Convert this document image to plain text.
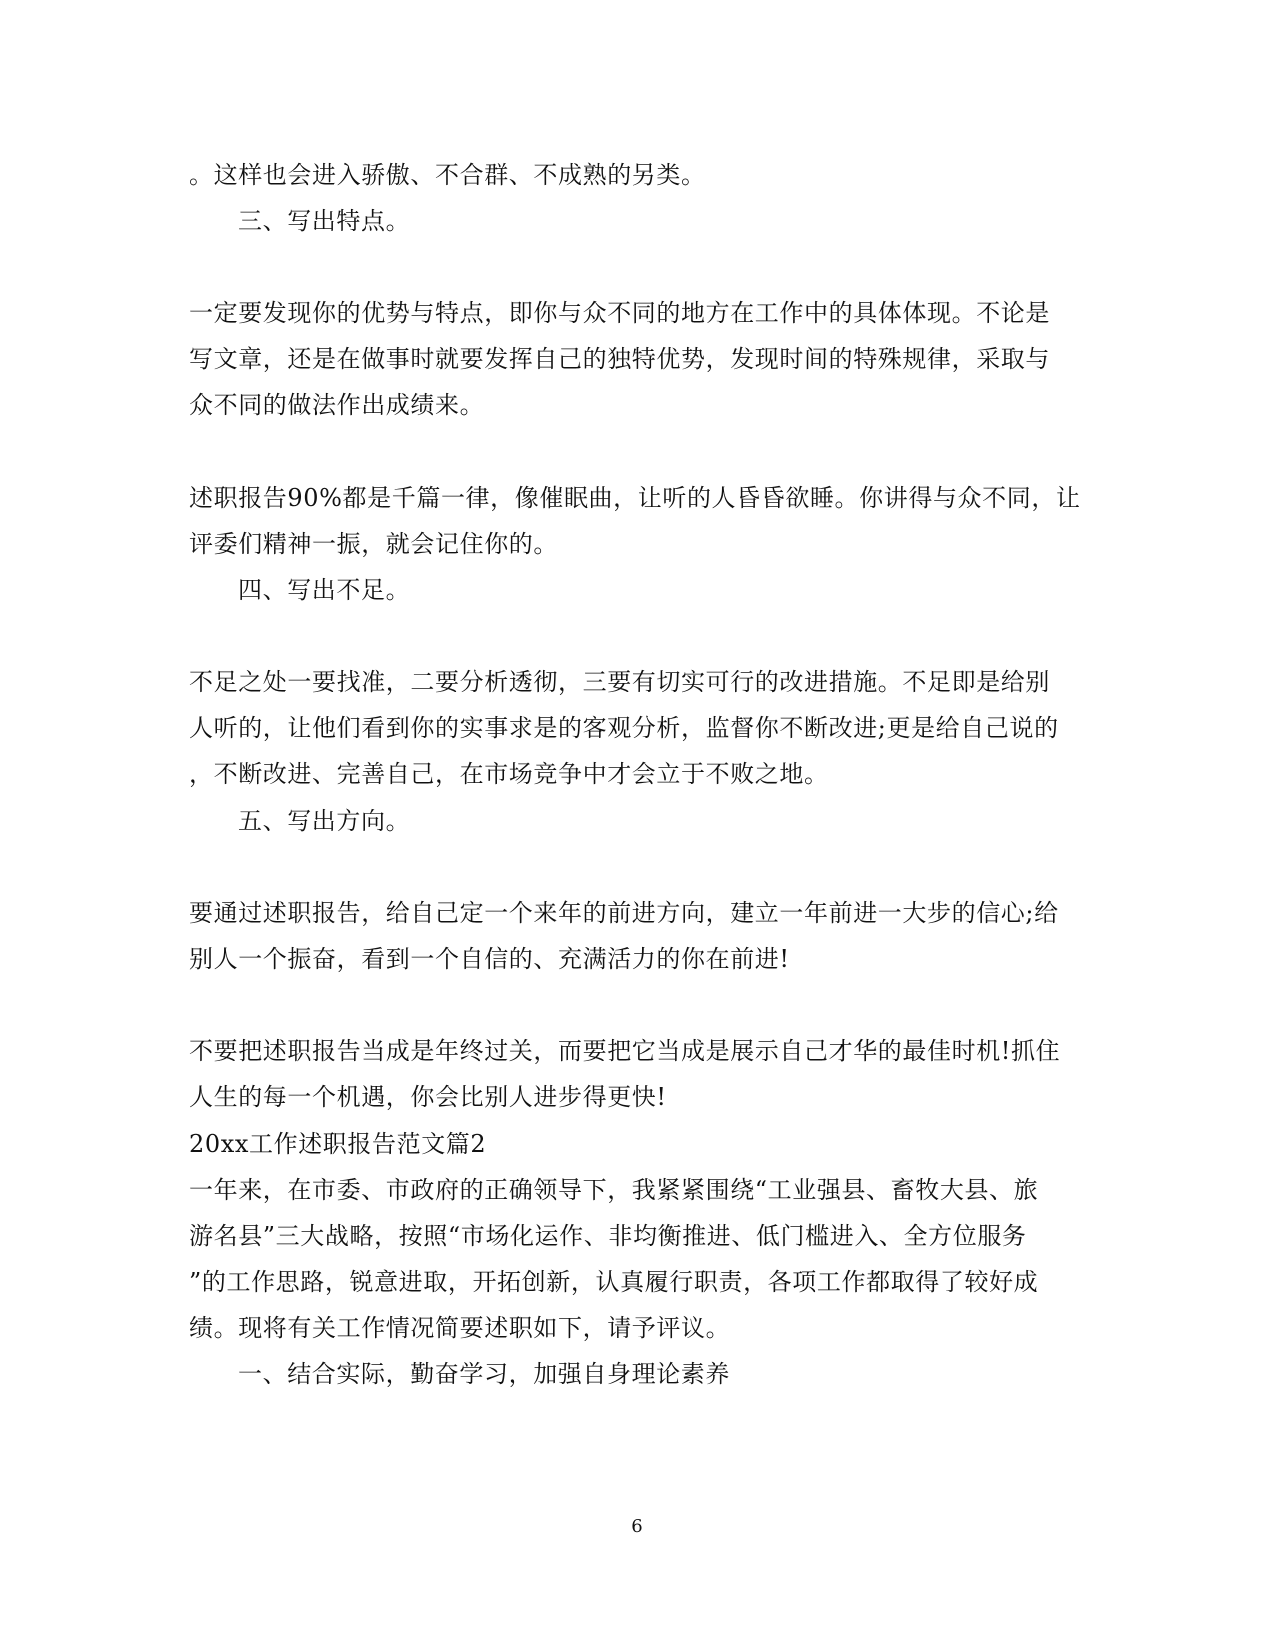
。这样也会进入骄傲、不合群、不成熟的另类。

三、写出特点。

一定要发现你的优势与特点，即你与众不同的地方在工作中的具体体现。不论是

写文章，还是在做事时就要发挥自己的独特优势，发现时间的特殊规律，采取与

众不同的做法作出成绩来。

述职报告90%都是千篇一律，像催眠曲，让听的人昏昏欲睡。你讲得与众不同，让

评委们精神一振，就会记住你的。

四、写出不足。

不足之处一要找准，二要分析透彻，三要有切实可行的改进措施。不足即是给别

人听的，让他们看到你的实事求是的客观分析，监督你不断改进;更是给自己说的

，不断改进、完善自己，在市场竞争中才会立于不败之地。

五、写出方向。

要通过述职报告，给自己定一个来年的前进方向，建立一年前进一大步的信心;给

别人一个振奋，看到一个自信的、充满活力的你在前进!

不要把述职报告当成是年终过关，而要把它当成是展示自己才华的最佳时机!抓住

人生的每一个机遇，你会比别人进步得更快!

20xx工作述职报告范文篇2

一年来，在市委、市政府的正确领导下，我紧紧围绕“工业强县、畜牧大县、旅

游名县”三大战略，按照“市场化运作、非均衡推进、低门槛进入、全方位服务

”的工作思路，锐意进取，开拓创新，认真履行职责，各项工作都取得了较好成

绩。现将有关工作情况简要述职如下，请予评议。

一、结合实际，勤奋学习，加强自身理论素养

6
